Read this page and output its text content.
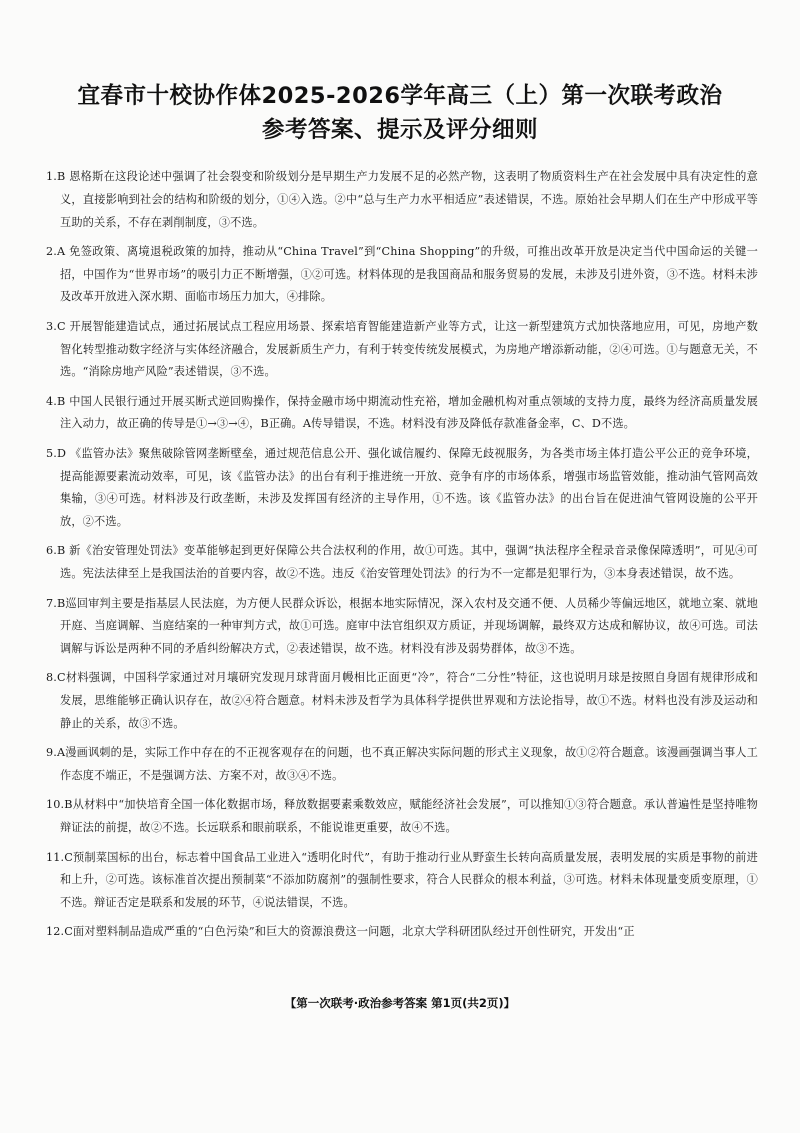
宜春市十校协作体2025-2026学年高三（上）第一次联考政治
参考答案、提示及评分细则

1.B 恩格斯在这段论述中强调了社会裂变和阶级划分是早期生产力发展不足的必然产物，这表明了物质资料生产在社会发展中具有决定性的意义，直接影响到社会的结构和阶级的划分，①④入选。②中“总与生产力水平相适应”表述错误，不选。原始社会早期人们在生产中形成平等互助的关系，不存在剥削制度，③不选。

2.A 免签政策、离境退税政策的加持，推动从“China Travel”到“China Shopping”的升级，可推出改革开放是决定当代中国命运的关键一招，中国作为“世界市场”的吸引力正不断增强，①②可选。材料体现的是我国商品和服务贸易的发展，未涉及引进外资，③不选。材料未涉及改革开放进入深水期、面临市场压力加大，④排除。

3.C 开展智能建造试点，通过拓展试点工程应用场景、探索培育智能建造新产业等方式，让这一新型建筑方式加快落地应用，可见，房地产数智化转型推动数字经济与实体经济融合，发展新质生产力，有利于转变传统发展模式，为房地产增添新动能，②④可选。①与题意无关，不选。“消除房地产风险”表述错误，③不选。

4.B 中国人民银行通过开展买断式逆回购操作，保持金融市场中期流动性充裕，增加金融机构对重点领域的支持力度，最终为经济高质量发展注入动力，故正确的传导是①→③→④，B正确。A传导错误，不选。材料没有涉及降低存款准备金率，C、D不选。

5.D 《监管办法》聚焦破除管网垄断壁垒，通过规范信息公开、强化诚信履约、保障无歧视服务，为各类市场主体打造公平公正的竞争环境，提高能源要素流动效率，可见，该《监管办法》的出台有利于推进统一开放、竞争有序的市场体系，增强市场监管效能，推动油气管网高效集输，③④可选。材料涉及行政垄断，未涉及发挥国有经济的主导作用，①不选。该《监管办法》的出台旨在促进油气管网设施的公平开放，②不选。

6.B 新《治安管理处罚法》变革能够起到更好保障公共合法权利的作用，故①可选。其中，强调“执法程序全程录音录像保障透明”，可见④可选。宪法法律至上是我国法治的首要内容，故②不选。违反《治安管理处罚法》的行为不一定都是犯罪行为，③本身表述错误，故不选。

7.B巡回审判主要是指基层人民法庭，为方便人民群众诉讼，根据本地实际情况，深入农村及交通不便、人员稀少等偏远地区，就地立案、就地开庭、当庭调解、当庭结案的一种审判方式，故①可选。庭审中法官组织双方质证，并现场调解，最终双方达成和解协议，故④可选。司法调解与诉讼是两种不同的矛盾纠纷解决方式，②表述错误，故不选。材料没有涉及弱势群体，故③不选。

8.C材料强调，中国科学家通过对月壤研究发现月球背面月幔相比正面更“冷”，符合“二分性”特征，这也说明月球是按照自身固有规律形成和发展，思维能够正确认识存在，故②④符合题意。材料未涉及哲学为具体科学提供世界观和方法论指导，故①不选。材料也没有涉及运动和静止的关系，故③不选。

9.A漫画讽刺的是，实际工作中存在的不正视客观存在的问题，也不真正解决实际问题的形式主义现象，故①②符合题意。该漫画强调当事人工作态度不端正，不是强调方法、方案不对，故③④不选。

10.B从材料中“加快培育全国一体化数据市场，释放数据要素乘数效应，赋能经济社会发展”，可以推知①③符合题意。承认普遍性是坚持唯物辩证法的前提，故②不选。长远联系和眼前联系，不能说谁更重要，故④不选。

11.C预制菜国标的出台，标志着中国食品工业进入“透明化时代”，有助于推动行业从野蛮生长转向高质量发展，表明发展的实质是事物的前进和上升，②可选。该标准首次提出预制菜“不添加防腐剂”的强制性要求，符合人民群众的根本利益，③可选。材料未体现量变质变原理，①不选。辩证否定是联系和发展的环节，④说法错误，不选。

12.C面对塑料制品造成严重的“白色污染”和巨大的资源浪费这一问题，北京大学科研团队经过开创性研究，开发出“正

【第一次联考·政治参考答案 第1页(共2页)】
